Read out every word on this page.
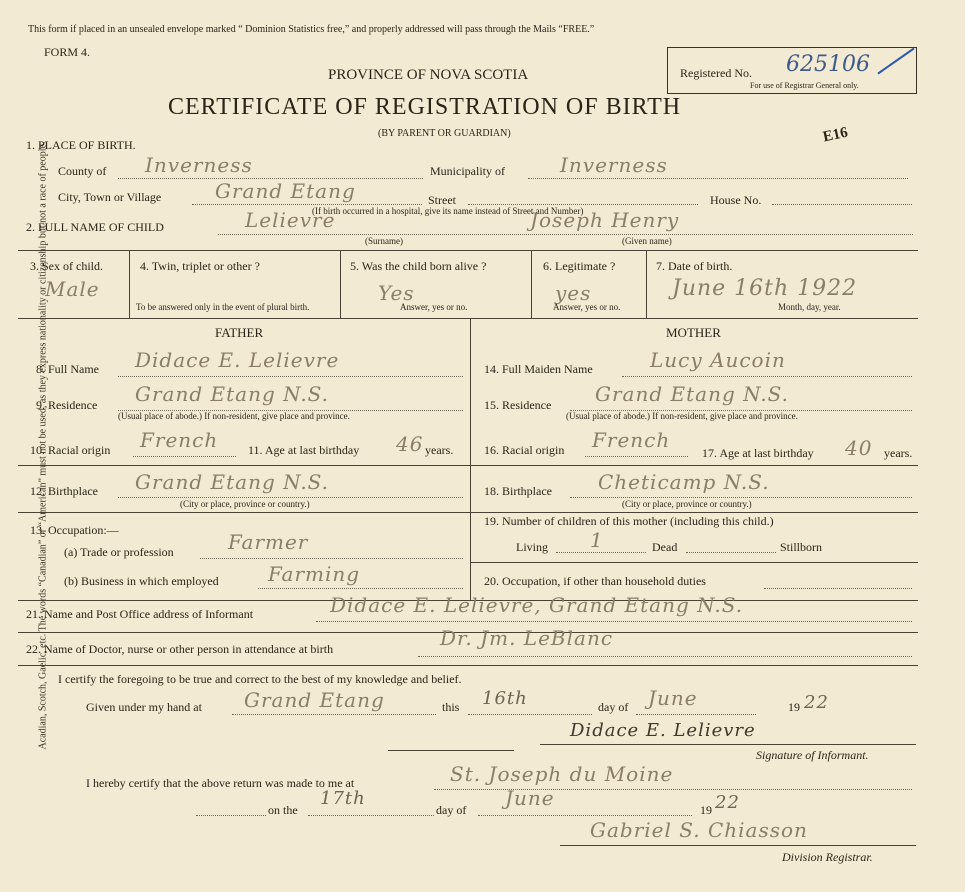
Acadian, Scotch, Gaelic, etc. The words “Canadian” or “American” must not be used, as they express nationality or citizenship but not a race of people.
This form if placed in an unsealed envelope marked “ Dominion Statistics free,” and properly addressed will pass through the Mails “FREE.”
FORM 4.
PROVINCE OF NOVA SCOTIA
CERTIFICATE OF REGISTRATION OF BIRTH
(BY PARENT OR GUARDIAN)
Registered No. 625106
For use of Registrar General only.
E16
1. PLACE OF BIRTH.
County of Inverness	Municipality of	Inverness
City, Town or Village	Grand Etang	Street	House No.
(If birth occurred in a hospital, give its name instead of Street and Number)
2. FULL NAME OF CHILD	Lelievre	Joseph Henry
(Surname)	(Given name)
3. Sex of child.
Male
4. Twin, triplet or other ?
To be answered only in the event of plural birth.
5. Was the child born alive ?
Yes
Answer, yes or no.
6. Legitimate ?
yes
Answer, yes or no.
7. Date of birth.
June 16th 1922
Month, day, year.
FATHER	MOTHER
8. Full Name Didace E. Lelievre
9. Residence Grand Etang N.S.
(Usual place of abode.) If non-resident, give place and province.
10. Racial origin French 11. Age at last birthday 46 years.
12. Birthplace Grand Etang N.S.
(City or place, province or country.)
13. Occupation:—
(a) Trade or profession	Farmer
(b) Business in which employed Farming
14. Full Maiden Name	Lucy Aucoin
15. Residence Grand Etang N.S.
(Usual place of abode.) If non-resident, give place and province.
16. Racial origin French
17. Age at last birthday 40 years.
18. Birthplace Cheticamp N.S.
(City or place, province or country.)
19. Number of children of this mother (including this child.)
Living 1	Dead	Stillborn
20. Occupation, if other than household duties
21. Name and Post Office address of Informant	Didace E. Lelievre, Grand Etang N.S.
22. Name of Doctor, nurse or other person in attendance at birth	Dr. Jm. LeBlanc
I certify the foregoing to be true and correct to the best of my knowledge and belief.
Given under my hand at Grand Etang	this 16th	day of June	19 22
Didace E. Lelievre
Signature of Informant.
I hereby certify that the above return was made to me at	St. Joseph du Moine
on the
17th
day of June	19 22
Gabriel S. Chiasson
Division Registrar.
